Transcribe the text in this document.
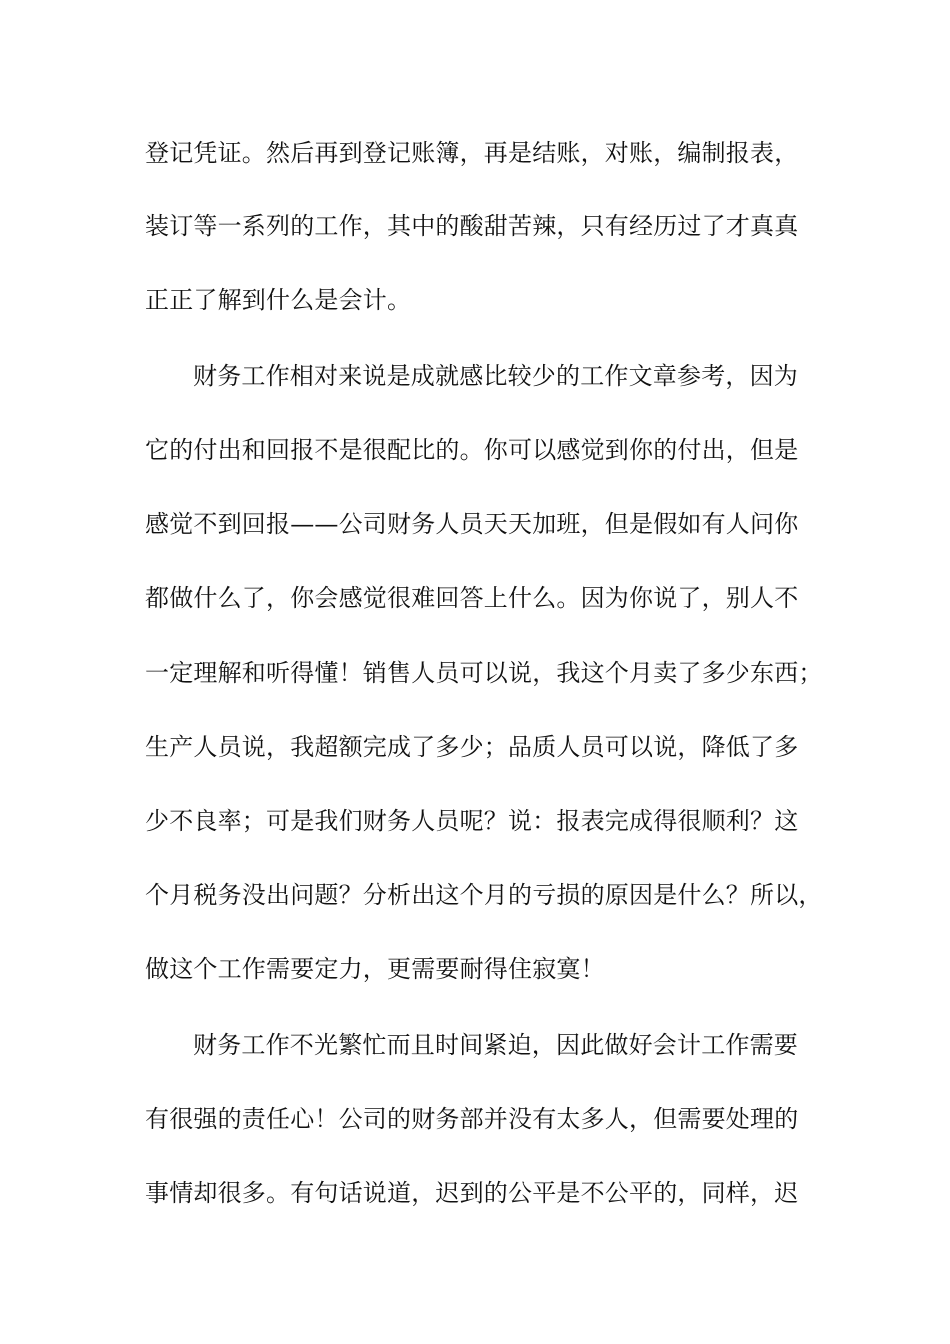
登记凭证。然后再到登记账簿，再是结账，对账，编制报表，
装订等一系列的工作，其中的酸甜苦辣，只有经历过了才真真
正正了解到什么是会计。
财务工作相对来说是成就感比较少的工作文章参考，因为
它的付出和回报不是很配比的。你可以感觉到你的付出，但是
感觉不到回报——公司财务人员天天加班，但是假如有人问你
都做什么了，你会感觉很难回答上什么。因为你说了，别人不
一定理解和听得懂！销售人员可以说，我这个月卖了多少东西；
生产人员说，我超额完成了多少；品质人员可以说，降低了多
少不良率；可是我们财务人员呢？说：报表完成得很顺利？这
个月税务没出问题？分析出这个月的亏损的原因是什么？所以，
做这个工作需要定力，更需要耐得住寂寞！
财务工作不光繁忙而且时间紧迫，因此做好会计工作需要
有很强的责任心！公司的财务部并没有太多人，但需要处理的
事情却很多。有句话说道，迟到的公平是不公平的，同样，迟
